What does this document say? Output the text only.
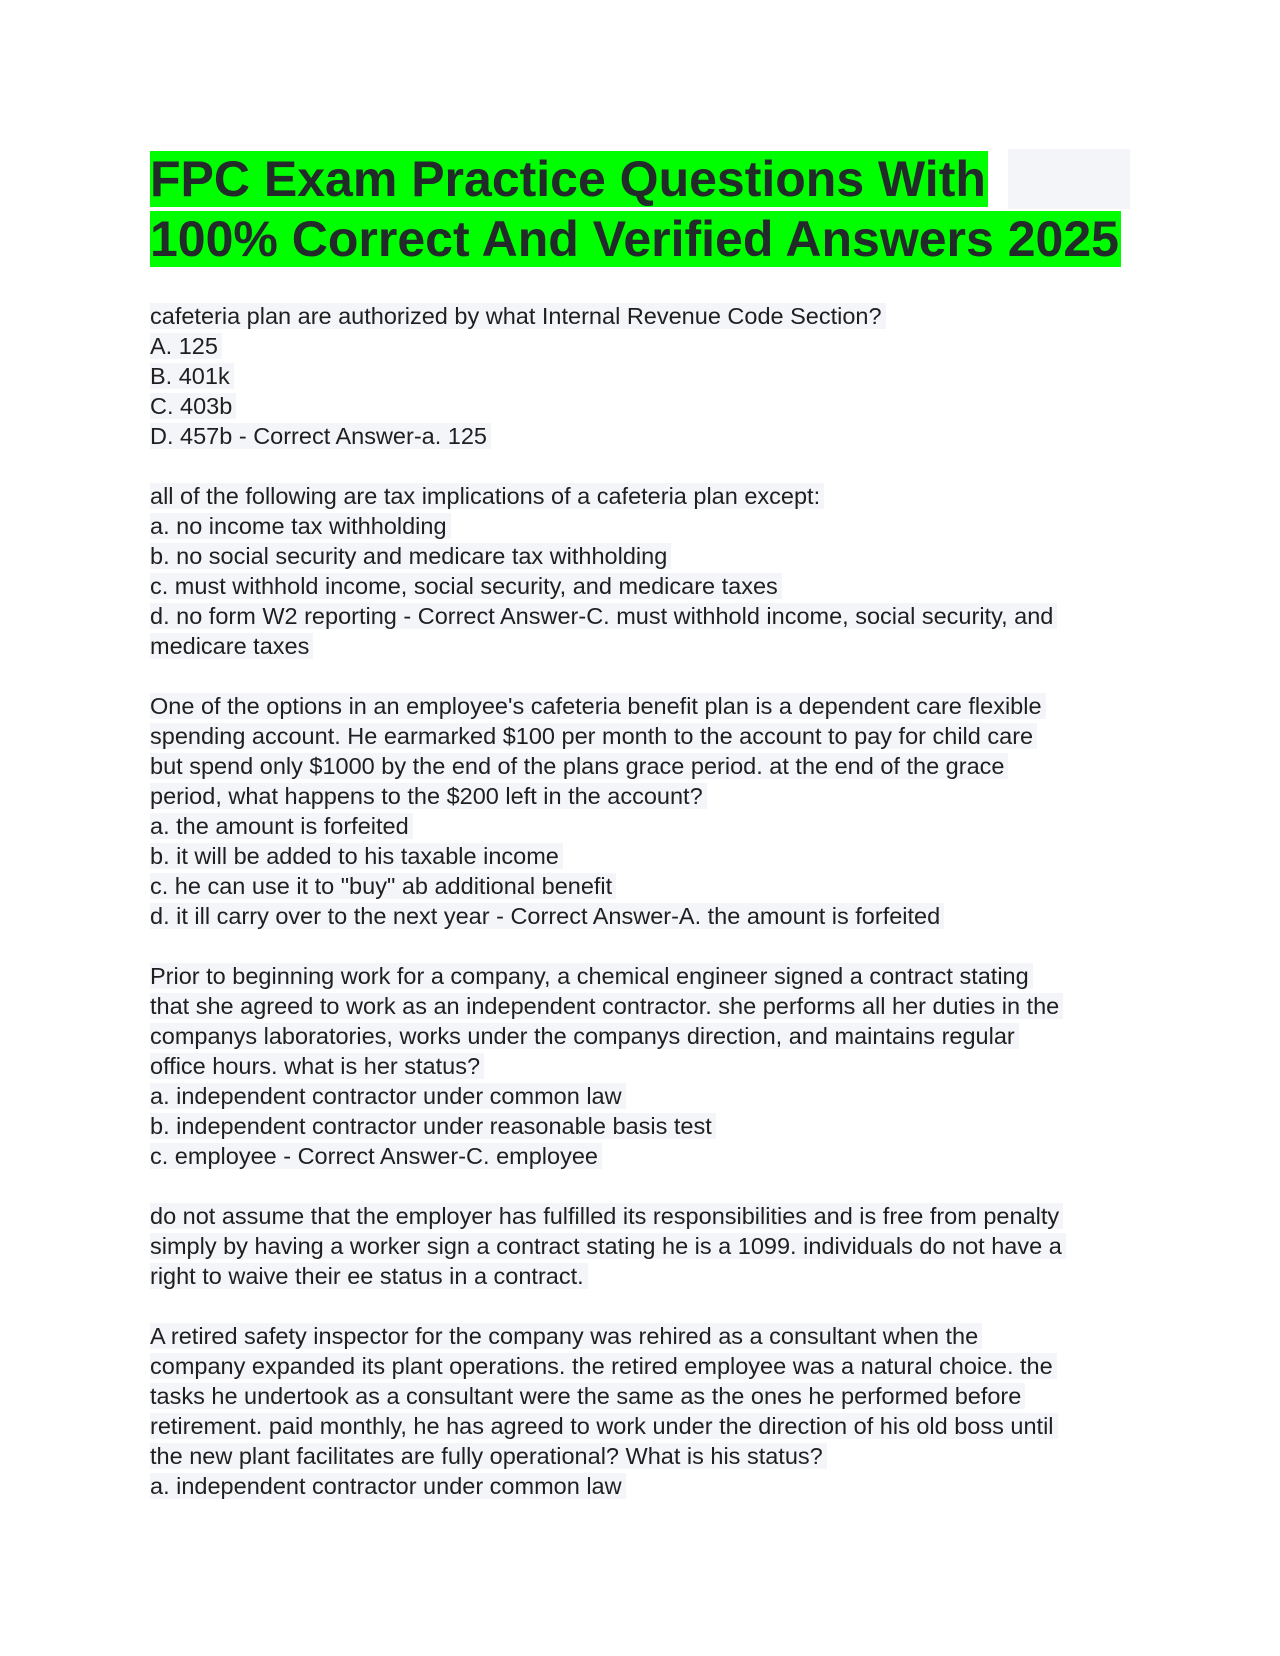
FPC Exam Practice Questions With
100% Correct And Verified Answers 2025
cafeteria plan are authorized by what Internal Revenue Code Section?
A. 125
B. 401k
C. 403b
D. 457b - Correct Answer-a. 125
all of the following are tax implications of a cafeteria plan except:
a. no income tax withholding
b. no social security and medicare tax withholding
c. must withhold income, social security, and medicare taxes
d. no form W2 reporting - Correct Answer-C. must withhold income, social security, and
medicare taxes
One of the options in an employee's cafeteria benefit plan is a dependent care flexible
spending account. He earmarked $100 per month to the account to pay for child care
but spend only $1000 by the end of the plans grace period. at the end of the grace
period, what happens to the $200 left in the account?
a. the amount is forfeited
b. it will be added to his taxable income
c. he can use it to "buy" ab additional benefit
d. it ill carry over to the next year - Correct Answer-A. the amount is forfeited
Prior to beginning work for a company, a chemical engineer signed a contract stating
that she agreed to work as an independent contractor. she performs all her duties in the
companys laboratories, works under the companys direction, and maintains regular
office hours. what is her status?
a. independent contractor under common law
b. independent contractor under reasonable basis test
c. employee - Correct Answer-C. employee
do not assume that the employer has fulfilled its responsibilities and is free from penalty
simply by having a worker sign a contract stating he is a 1099. individuals do not have a
right to waive their ee status in a contract.
A retired safety inspector for the company was rehired as a consultant when the
company expanded its plant operations. the retired employee was a natural choice. the
tasks he undertook as a consultant were the same as the ones he performed before
retirement. paid monthly, he has agreed to work under the direction of his old boss until
the new plant facilitates are fully operational? What is his status?
a. independent contractor under common law
